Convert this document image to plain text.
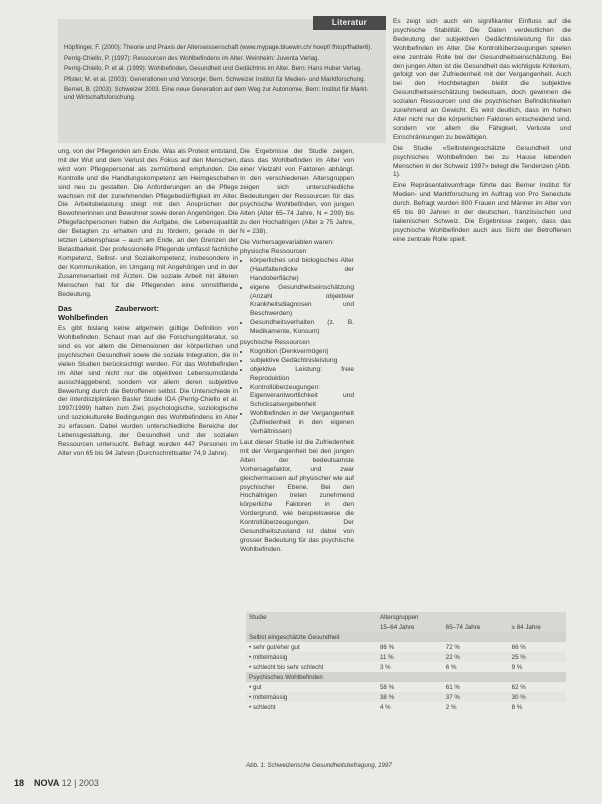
Literatur
Höpflinger, F. (2000): Theorie und Praxis der Alterswissenschaft (www.mypage.bluewin.ch/ hoepf/ fhtop/fhalter6).
Perrig-Chiello, P. (1997): Ressourcen des Wohlbefindens im Alter. Weinheim: Juventa Verlag.
Perrig-Chiello, P. et al. (1999): Wohlbefinden, Gesundheit und Gedächtnis im Alter. Bern: Hans Huber Verlag.
Pfister, M. et al. (2003): Generationen und Vorsorge; Bern. Schweizer Institut für Medien- und Marktforschung.
Bernet, B. (2003): Schweizer 2003. Eine neue Generation auf dem Weg zur Autonomie, Bern: Institut für Markt- und Wirtschaftsforschung.

ung, von der Pflegenden am Ende. Was als Protest entstand, mit der Wut und dem Verlust des Fokus auf den Menschen, wird vom Pflegepersonal als zermürbend empfunden. Die Kontrolle und die Handlungskompetenz am Heimgeschehen sind neu zu gestalten. Die Anforderungen an die Pflege wachsen mit der zunehmenden Pflegebedürftigkeit im Alter. Die Arbeitsbelastung steigt mit den Ansprüchen der Bewohnerinnen und Bewohner sowie deren Angehörigen. Die Pflegefachpersonen haben die Aufgabe, die Lebensqualität der Betagten zu erhalten und zu fördern, gerade in der letzten Lebensphase – auch am Ende, an den Grenzen der Belastbarkeit. Der professionelle Pflegende umfasst fachliche Kompetenz, Selbst- und Sozialkompetenz, insbesondere in der Kommunikation, im Umgang mit Angehörigen und in der Zusammenarbeit mit Ärzten. Die soziale Arbeit mit älteren Menschen hat für die Pflegenden eine sinnstiftende Bedeutung.

Das Zauberwort: Wohlbefinden

Es gibt bislang keine allgemein gültige Definition von Wohlbefinden. Schaut man auf die Forschungsliteratur, so sind es vor allem die Dimensionen der körperlichen und psychischen Gesundheit sowie die soziale Integration, die in vielen Studien berücksichtigt werden. Für das Wohlbefinden im Alter sind nicht nur die objektiven Lebensumstände ausschlaggebend, sondern vor allem deren subjektive Bewertung durch die Betroffenen selbst. Die Unterschiede in der interdisziplinären Basler Studie IDA (Perrig-Chiello et al. 1997/1999) hatten zum Ziel, psychologische, soziologische und soziokulturelle Bedingungen des Wohlbefindens im Alter zu erfassen. Dabei wurden unterschiedliche Bereiche der Lebensgestaltung, der Gesundheit und der sozialen Ressourcen untersucht. Befragt wurden 447 Personen im Alter von 65 bis 94 Jahren (Durchschnittsalter 74,9 Jahre).

Die Ergebnisse der Studie zeigen, dass das Wohlbefinden im Alter von einer Vielzahl von Faktoren abhängt. In den verschiedenen Altersgruppen zeigen sich unterschiedliche Bedeutungen der Ressourcen für das psychische Wohlbefinden, von jungen Alten (Alter 65–74 Jahre, N = 209) bis zu den Hochaltrigen (Alter ≥ 75 Jahre, N = 238).

Die Vorhersagevariablen waren:

physische Ressourcen

• körperliches und biologisches Alter (Hautfaltendicke der Handoberfläche)
• eigene Gesundheitseinschätzung (Anzahl objektiver Krankheitsdiagnosen und Beschwerden)
• Gesundheitsverhalten (z. B. Medikamente, Konsum)

psychische Ressourcen

• Kognition (Denkvermögen)
• subjektive Gedächtnisleistung
• objektive Leistung: freie Reproduktion
• Kontrollüberzeugungen: Eigenverantwortlichkeit und Schicksalsergebenheit
• Wohlbefinden in der Vergangenheit (Zufriedenheit in den eigenen Verhältnissen)

Laut dieser Studie ist die Zufriedenheit mit der Vergangenheit bei den jungen Alten der bedeutsamste Vorhersagefaktor, und zwar gleichermassen auf physischer wie auf psychischer Ebene. Bei den Hochaltrigen treten zunehmend körperliche Faktoren in den Vordergrund, wie beispielsweise die Kontrollüberzeugungen. Der Gesundheitszustand ist dabei von grosser Bedeutung für das psychische Wohlbefinden.

Es zeigt sich auch ein signifikanter Einfluss auf die psychische Stabilität. Die Daten verdeutlichen die Bedeutung der subjektiven Gedächtnisleistung für das Wohlbefinden im Alter. Die Kontrollüberzeugungen spielen eine zentrale Rolle bei der Gesundheitseinschätzung. Bei den jungen Alten ist die Gesundheit das wichtigste Kriterium, gefolgt von der Zufriedenheit mit der Vergangenheit. Auch bei den Hochbetagten bleibt die subjektive Gesundheitseinschätzung bedeutsam, doch gewinnen die sozialen Ressourcen und die psychischen Befindlichkeiten zunehmend an Gewicht. Es wird deutlich, dass im hohen Alter nicht nur die körperlichen Faktoren entscheidend sind, sondern vor allem die Fähigkeit, Verluste und Einschränkungen zu bewältigen.

Die Studie «Selbsteingeschätzte Gesundheit und psychisches Wohlbefinden bei zu Hause lebenden Menschen in der Schweiz 1997» belegt die Tendenzen (Abb. 1).

Eine Repräsentativumfrage führte das Berner Institut für Medien- und Marktforschung im Auftrag von Pro Senectute durch. Befragt wurden 800 Frauen und Männer im Alter von 65 bis 80 Jahren in der deutschen, französischen und italienischen Schweiz. Die Ergebnisse zeigen, dass das psychische Wohlbefinden auch aus Sicht der Betroffenen eine zentrale Rolle spielt.

Studie	Altersgruppen		
	15–64 Jahre	65–74 Jahre	≥ 84 Jahre
Selbst eingeschätzte Gesundheit			
• sehr gut/eher gut	86 %	72 %	66 %
• mittelmässig	11 %	22 %	25 %
• schlecht bis sehr schlecht	3 %	6 %	9 %
Psychisches Wohlbefinden			
• gut	58 %	61 %	62 %
• mittelmässig	38 %	37 %	30 %
• schlecht	4 %	2 %	8 %
Abb. 1: Schweizerische Gesundheitsbefragung, 1997
18 NOVA 12 | 2003
